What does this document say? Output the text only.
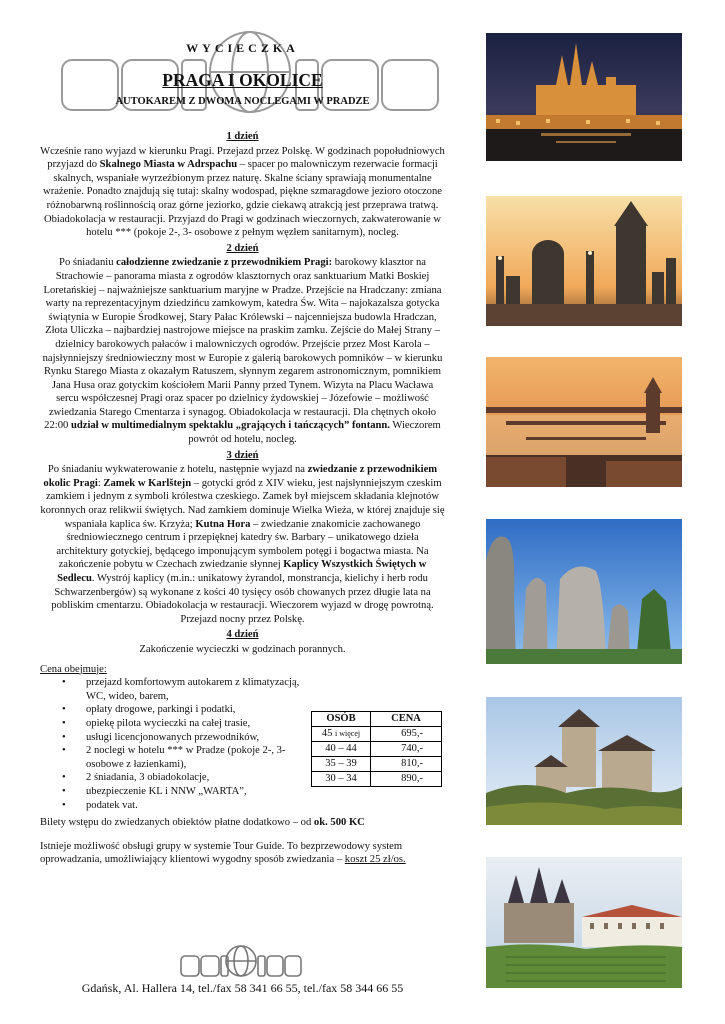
WYCIECZKA
PRAGA I OKOLICE
AUTOKAREM Z DWOMA NOCLEGAMI W PRADZE
1 dzień

Wcześnie rano wyjazd w kierunku Pragi. Przejazd przez Polskę. W godzinach popołudniowych przyjazd do Skalnego Miasta w Adrspachu – spacer po malowniczym rezerwacie formacji skalnych, wspaniałe wyrzeźbionym przez naturę. Skalne ściany sprawiają monumentalne wrażenie. Ponadto znajdują się tutaj: skalny wodospad, piękne szmaragdowe jezioro otoczone różnobarwną roślinnością oraz górne jeziorko, gdzie ciekawą atrakcją jest przeprawa tratwą. Obiadokolacja w restauracji. Przyjazd do Pragi w godzinach wieczornych, zakwaterowanie w hotelu *** (pokoje 2-, 3- osobowe z pełnym węzłem sanitarnym), nocleg.

2 dzień

Po śniadaniu całodzienne zwiedzanie z przewodnikiem Pragi: barokowy klasztor na Strachowie – panorama miasta z ogrodów klasztornych oraz sanktuarium Matki Boskiej Loretańskiej – najważniejsze sanktuarium maryjne w Pradze. Przejście na Hradczany: zmiana warty na reprezentacyjnym dziedzińcu zamkowym, katedra Św. Wita – najokazalsza gotycka świątynia w Europie Środkowej, Stary Pałac Królewski – najcenniejsza budowla Hradczan, Złota Uliczka – najbardziej nastrojowe miejsce na praskim zamku. Zejście do Małej Strany – dzielnicy barokowych pałaców i malowniczych ogrodów. Przejście przez Most Karola – najsłynniejszy średniowieczny most w Europie z galerią barokowych pomników – w kierunku Rynku Starego Miasta z okazałym Ratuszem, słynnym zegarem astronomicznym, pomnikiem Jana Husa oraz gotyckim kościołem Marii Panny przed Tynem. Wizyta na Placu Wacława sercu współczesnej Pragi oraz spacer po dzielnicy żydowskiej – Józefowie – możliwość zwiedzania Starego Cmentarza i synagog. Obiadokolacja w restauracji. Dla chętnych około 22:00 udział w multimedialnym spektaklu „grających i tańczących” fontann. Wieczorem powrót od hotelu, nocleg.

3 dzień

Po śniadaniu wykwaterowanie z hotelu, następnie wyjazd na zwiedzanie z przewodnikiem okolic Pragi: Zamek w Karlštejn – gotycki gród z XIV wieku, jest najsłynniejszym czeskim zamkiem i jednym z symboli królestwa czeskiego. Zamek był miejscem składania klejnotów koronnych oraz relikwii świętych. Nad zamkiem dominuje Wielka Wieża, w której znajduje się wspaniała kaplica św. Krzyża; Kutna Hora – zwiedzanie znakomicie zachowanego średniowiecznego centrum i przepięknej katedry św. Barbary – unikatowego dzieła architektury gotyckiej, będącego imponującym symbolem potęgi i bogactwa miasta. Na zakończenie pobytu w Czechach zwiedzanie słynnej Kaplicy Wszystkich Świętych w Sedlecu. Wystrój kaplicy (m.in.: unikatowy żyrandol, monstrancja, kielichy i herb rodu Schwarzenbergów) są wykonane z kości 40 tysięcy osób chowanych przez długie lata na pobliskim cmentarzu. Obiadokolacja w restauracji. Wieczorem wyjazd w drogę powrotną. Przejazd nocny przez Polskę.

4 dzień

Zakończenie wycieczki w godzinach porannych.

Cena obejmuje:
• przejazd komfortowym autokarem z klimatyzacją, WC, wideo, barem,
• opłaty drogowe, parkingi i podatki,
• opiekę pilota wycieczki na całej trasie,
• usługi licencjonowanych przewodników,
• 2 noclegi w hotelu *** w Pradze (pokoje 2-, 3- osobowe z łazienkami),
• 2 śniadania, 3 obiadokolacje,
• ubezpieczenie KL i NNW „WARTA”,
• podatek vat.
OSÓB	CENA
45 i więcej	695,-
40 – 44	740,-
35 – 39	810,-
30 – 34	890,-
Bilety wstępu do zwiedzanych obiektów płatne dodatkowo – od ok. 500 KC
Istnieje możliwość obsługi grupy w systemie Tour Guide. To bezprzewodowy system oprowadzania, umożliwiający klientowi wygodny sposób zwiedzania – koszt 25 zł/os.
Gdańsk, Al. Hallera 14, tel./fax 58 341 66 55, tel./fax 58 344 66 55
